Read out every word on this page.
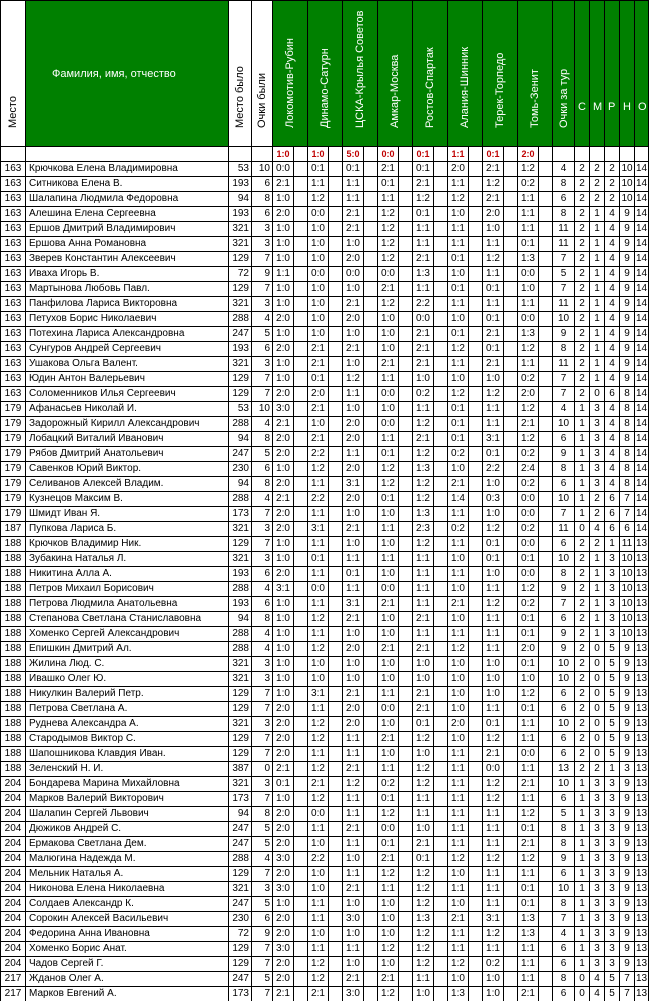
Место	Фамилия, имя, отчество	Место было	Очки были	Локомотив-Рубин		Динамо-Сатурн		ЦСКА-Крылья Советов		Амкар-Москва		Ростов-Спартак		Алания-Шинник		Терек-Торпедо		Томь-Зенит		Очки за тур	С	М	Р	Н	О

				1:0		1:0		5:0		0:0		0:1		1:1		0:1		2:0							
163	Крючкова Елена Владимировна	53	10	0:0		0:1		0:1		2:1		0:1		2:0		2:1		1:2		4	2	2	2	10	14
163	Ситникова Елена В.	193	6	2:1		1:1		1:1		0:1		2:1		1:1		1:2		0:2		8	2	2	2	10	14
163	Шалапина Людмила Федоровна	94	8	1:0		1:2		1:1		1:1		1:2		1:2		2:1		1:1		6	2	2	2	10	14
163	Алешина Елена Сергеевна	193	6	2:0		0:0		2:1		1:2		0:1		1:0		2:0		1:1		8	2	1	4	9	14
163	Ершов Дмитрий Владимирович	321	3	1:0		1:0		2:1		1:2		1:1		1:1		1:0		1:1		11	2	1	4	9	14
163	Ершова Анна Романовна	321	3	1:0		1:0		1:0		1:2		1:1		1:1		1:1		0:1		11	2	1	4	9	14
163	Зверев Константин Алексеевич	129	7	1:0		1:0		2:0		1:2		2:1		0:1		1:2		1:3		7	2	1	4	9	14
163	Иваха Игорь В.	72	9	1:1		0:0		0:0		0:0		1:3		1:0		1:1		0:0		5	2	1	4	9	14
163	Мартынова Любовь Павл.	129	7	1:0		1:0		1:0		2:1		1:1		0:1		0:1		1:0		7	2	1	4	9	14
163	Панфилова Лариса Викторовна	321	3	1:0		1:0		2:1		1:2		2:2		1:1		1:1		1:1		11	2	1	4	9	14
163	Петухов Борис Николаевич	288	4	2:0		1:0		2:0		1:0		0:0		1:0		0:1		0:0		10	2	1	4	9	14
163	Потехина Лариса Александровна	247	5	1:0		1:0		1:0		1:0		2:1		0:1		2:1		1:3		9	2	1	4	9	14
163	Сунгуров Андрей Сергеевич	193	6	2:0		2:1		2:1		1:0		2:1		1:2		0:1		1:2		8	2	1	4	9	14
163	Ушакова Ольга Валент.	321	3	1:0		2:1		1:0		2:1		2:1		1:1		2:1		1:1		11	2	1	4	9	14
163	Юдин Антон Валерьевич	129	7	1:0		0:1		1:2		1:1		1:0		1:0		1:0		0:2		7	2	1	4	9	14
163	Соломенников Илья Сергеевич	129	7	2:0		2:0		1:1		0:0		0:2		1:2		1:2		2:0		7	2	0	6	8	14
179	Афанасьев Николай И.	53	10	3:0		2:1		1:0		1:0		1:1		0:1		1:1		1:2		4	1	3	4	8	14
179	Задорожный Кирилл Александрович	288	4	2:1		1:0		2:0		0:0		1:2		0:1		1:1		2:1		10	1	3	4	8	14
179	Лобацкий Виталий Иванович	94	8	2:0		2:1		2:0		1:1		2:1		0:1		3:1		1:2		6	1	3	4	8	14
179	Рябов Дмитрий Анатольевич	247	5	2:0		2:2		1:1		0:1		1:2		0:2		0:1		0:2		9	1	3	4	8	14
179	Савенков Юрий Виктор.	230	6	1:0		1:2		2:0		1:2		1:3		1:0		2:2		2:4		8	1	3	4	8	14
179	Селиванов Алексей Владим.	94	8	2:0		1:1		3:1		1:2		1:2		2:1		1:0		0:2		6	1	3	4	8	14
179	Кузнецов Максим В.	288	4	2:1		2:2		2:0		0:1		1:2		1:4		0:3		0:0		10	1	2	6	7	14
179	Шмидт Иван Я.	173	7	2:0		1:1		1:0		1:0		1:3		1:1		1:0		0:0		7	1	2	6	7	14
187	Пупкова Лариса Б.	321	3	2:0		3:1		2:1		1:1		2:3		0:2		1:2		0:2		11	0	4	6	6	14
188	Крючков Владимир Ник.	129	7	1:0		1:1		1:0		1:0		1:2		1:1		0:1		0:0		6	2	2	1	11	13
188	Зубакина Наталья Л.	321	3	1:0		0:1		1:1		1:1		1:1		1:0		0:1		0:1		10	2	1	3	10	13
188	Никитина Алла А.	193	6	2:0		1:1		0:1		1:0		1:1		1:1		1:0		0:0		8	2	1	3	10	13
188	Петров Михаил Борисович	288	4	3:1		0:0		1:1		0:0		1:1		1:0		1:1		1:2		9	2	1	3	10	13
188	Петрова Людмила Анатольевна	193	6	1:0		1:1		3:1		2:1		1:1		2:1		1:2		0:2		7	2	1	3	10	13
188	Степанова Светлана Станиславовна	94	8	1:0		1:2		2:1		1:0		2:1		1:0		1:1		0:1		6	2	1	3	10	13
188	Хоменко Сергей Александрович	288	4	1:0		1:1		1:0		1:0		1:1		1:1		1:1		0:1		9	2	1	3	10	13
188	Епишкин Дмитрий Ал.	288	4	1:0		1:2		2:0		2:1		2:1		1:2		1:1		2:0		9	2	0	5	9	13
188	Жилина Люд. С.	321	3	1:0		1:0		1:0		1:0		1:0		1:0		1:0		0:1		10	2	0	5	9	13
188	Ивашко Олег Ю.	321	3	1:0		1:0		1:0		1:0		1:0		1:0		1:0		1:0		10	2	0	5	9	13
188	Никулкин Валерий Петр.	129	7	1:0		3:1		2:1		1:1		2:1		1:0		1:0		1:2		6	2	0	5	9	13
188	Петрова Светлана А.	129	7	2:0		1:1		2:0		0:0		2:1		1:0		1:1		0:1		6	2	0	5	9	13
188	Руднева Александра А.	321	3	2:0		1:2		2:0		1:0		0:1		2:0		0:1		1:1		10	2	0	5	9	13
188	Стародымов Виктор С.	129	7	2:0		1:2		1:1		2:1		1:2		1:0		1:2		1:1		6	2	0	5	9	13
188	Шапошникова Клавдия Иван.	129	7	2:0		1:1		1:1		1:0		1:0		1:1		2:1		0:0		6	2	0	5	9	13
188	Зеленский Н. И.	387	0	2:1		1:2		2:1		1:1		1:2		1:1		0:0		1:1		13	2	2	1	3	13
204	Бондарева Марина Михайловна	321	3	0:1		2:1		1:2		0:2		1:2		1:1		1:2		2:1		10	1	3	3	9	13
204	Марков Валерий Викторович	173	7	1:0		1:2		1:1		0:1		1:1		1:1		1:2		1:1		6	1	3	3	9	13
204	Шалапин Сергей Львович	94	8	2:0		0:0		1:1		1:2		1:1		1:1		1:1		1:2		5	1	3	3	9	13
204	Дюжиков Андрей С.	247	5	2:0		1:1		2:1		0:0		1:0		1:1		1:1		0:1		8	1	3	3	9	13
204	Ермакова Светлана Дем.	247	5	2:0		1:0		1:1		0:1		2:1		1:1		1:1		2:1		8	1	3	3	9	13
204	Малюгина Надежда М.	288	4	3:0		2:2		1:0		2:1		0:1		1:2		1:2		1:2		9	1	3	3	9	13
204	Мельник Наталья А.	129	7	2:0		1:0		1:1		1:2		1:2		1:0		1:1		1:1		6	1	3	3	9	13
204	Никонова Елена Николаевна	321	3	3:0		1:0		2:1		1:1		1:2		1:1		1:1		0:1		10	1	3	3	9	13
204	Солдаев Александр К.	247	5	1:0		1:1		1:0		1:0		1:2		1:0		1:1		0:1		8	1	3	3	9	13
204	Сорокин Алексей Васильевич	230	6	2:0		1:1		3:0		1:0		1:3		2:1		3:1		1:3		7	1	3	3	9	13
204	Федорина Анна Ивановна	72	9	2:0		1:0		1:0		1:0		1:2		1:1		1:2		1:3		4	1	3	3	9	13
204	Хоменко Борис Анат.	129	7	3:0		1:1		1:1		1:2		1:2		1:1		1:1		1:1		6	1	3	3	9	13
204	Чадов Сергей Г.	129	7	2:0		1:2		1:0		1:0		1:2		1:2		0:2		1:1		6	1	3	3	9	13
217	Жданов Олег А.	247	5	2:0		1:2		2:1		2:1		1:1		1:0		1:0		1:1		8	0	4	5	7	13
217	Марков Евгений А.	173	7	2:1		2:1		3:0		1:2		1:0		1:3		1:0		2:1		6	0	4	5	7	13
